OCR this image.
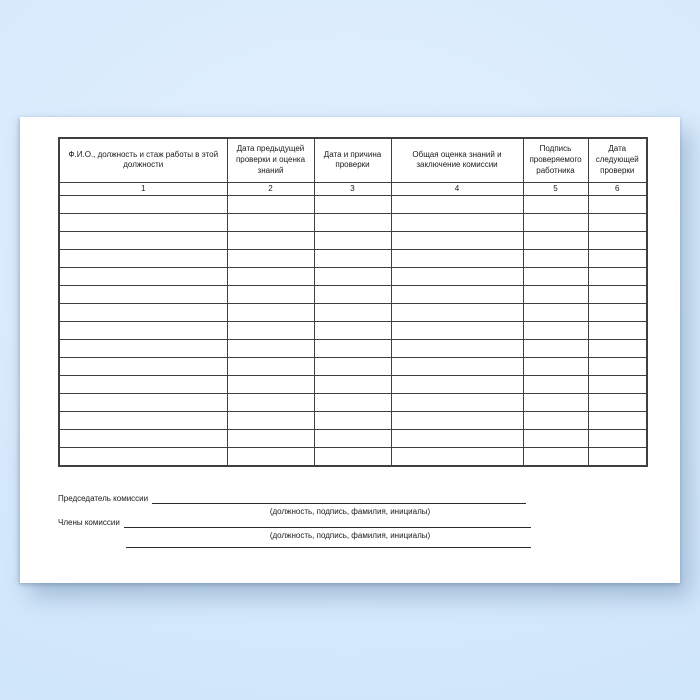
Ф.И.О., должность и стаж работы в этой должности	Дата предыдущей проверки и оценка знаний	Дата и причина проверки	Общая оценка знаний и заключение комиссии	Подпись проверяемого работника	Дата следующей проверки
1	2	3	4	5	6

Председатель комиссии
(должность, подпись, фамилия, инициалы)
Члены комиссии
(должность, подпись, фамилия, инициалы)
